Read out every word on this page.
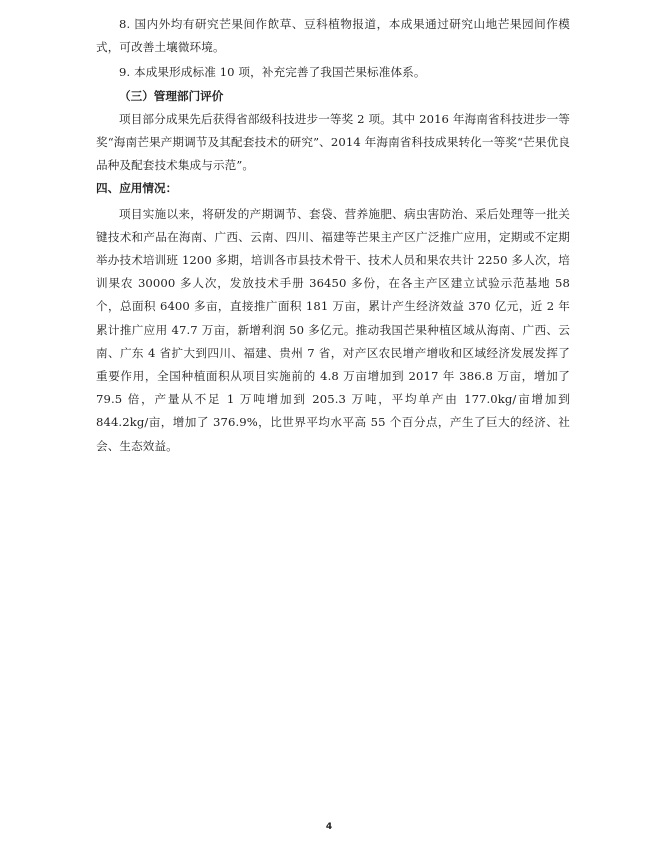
8. 国内外均有研究芒果间作飲草、豆科植物报道，本成果通过研究山地芒果园间作模式，可改善土壤微环境。

9. 本成果形成标准 10 项，补充完善了我国芒果标准体系。

（三）管理部门评价

项目部分成果先后获得省部级科技进步一等奖 2 项。其中 2016 年海南省科技进步一等奖“海南芒果产期调节及其配套技术的研究”、2014 年海南省科技成果转化一等奖“芒果优良品种及配套技术集成与示范”。

四、应用情况：

项目实施以来，将研发的产期调节、套袋、营养施肥、病虫害防治、采后处理等一批关键技术和产品在海南、广西、云南、四川、福建等芒果主产区广泛推广应用，定期或不定期举办技术培训班 1200 多期，培训各市县技术骨干、技术人员和果农共计 2250 多人次，培训果农 30000 多人次，发放技术手册 36450 多份，在各主产区建立试验示范基地 58 个，总面积 6400 多亩，直接推广面积 181 万亩，累计产生经济效益 370 亿元，近 2 年累计推广应用 47.7 万亩，新增利润 50 多亿元。推动我国芒果种植区域从海南、广西、云南、广东 4 省扩大到四川、福建、贵州 7 省，对产区农民增产增收和区域经济发展发挥了重要作用，全国种植面积从项目实施前的 4.8 万亩增加到 2017 年 386.8 万亩，增加了 79.5 倍，产量从不足 1 万吨增加到 205.3 万吨，平均单产由 177.0kg/亩增加到 844.2kg/亩，增加了 376.9%，比世界平均水平高 55 个百分点，产生了巨大的经济、社会、生态效益。

4
